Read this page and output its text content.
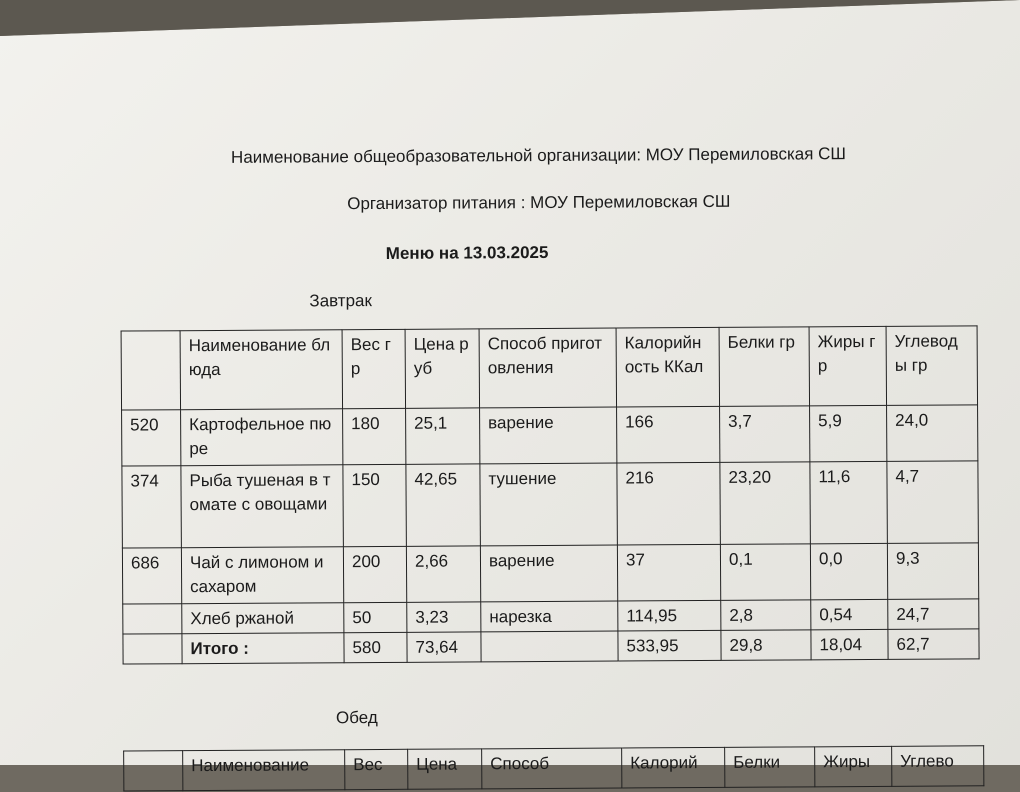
Наименование общеобразовательной организации: МОУ Перемиловская СШ
Организатор питания : МОУ Перемиловская СШ
Меню на 13.03.2025
Завтрак
	Наименование блюда	Вес гр	Цена руб	Способ приготовления	Калорийность ККал	Белки гр	Жиры гр	Углеводы гр
520	Картофельное пюре	180	25,1	варение	166	3,7	5,9	24,0
374	Рыба тушеная в томате с овощами	150	42,65	тушение	216	23,20	11,6	4,7
686	Чай с лимоном и сахаром	200	2,66	варение	37	0,1	0,0	9,3
	Хлеб ржаной	50	3,23	нарезка	114,95	2,8	0,54	24,7
	Итого :	580	73,64		533,95	29,8	18,04	62,7
Обед
	Наименование	Вес	Цена	Способ	Калорий	Белки	Жиры	Углево
